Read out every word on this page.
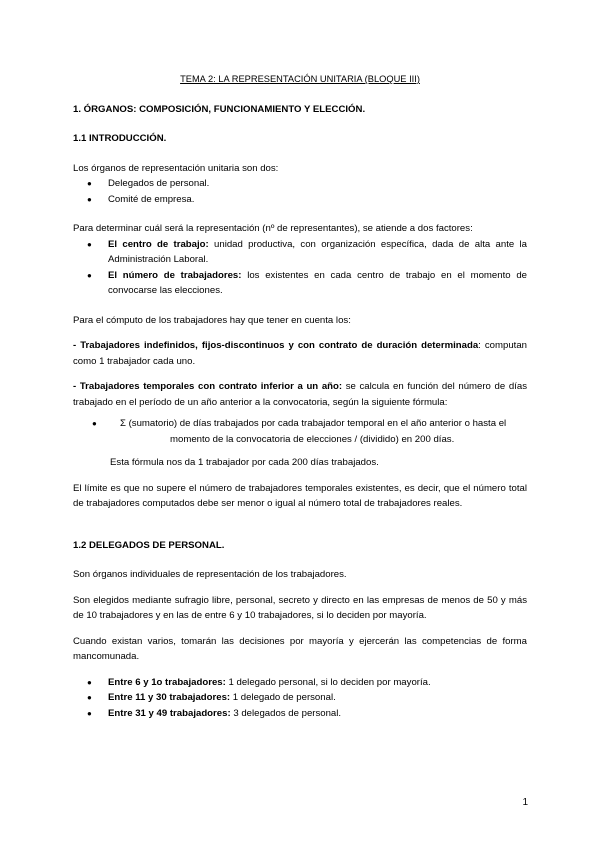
TEMA 2: LA REPRESENTACIÓN UNITARIA (BLOQUE III)

1. ÓRGANOS: COMPOSICIÓN, FUNCIONAMIENTO Y ELECCIÓN.

1.1 INTRODUCCIÓN.

Los órganos de representación unitaria son dos:

● Delegados de personal.
● Comité de empresa.

Para determinar cuál será la representación (nº de representantes), se atiende a dos factores:

● El centro de trabajo: unidad productiva, con organización específica, dada de alta ante la Administración Laboral.
● El número de trabajadores: los existentes en cada centro de trabajo en el momento de convocarse las elecciones.

Para el cómputo de los trabajadores hay que tener en cuenta los:

- Trabajadores indefinidos, fijos-discontinuos y con contrato de duración determinada: computan como 1 trabajador cada uno.

- Trabajadores temporales con contrato inferior a un año: se calcula en función del número de días trabajado en el período de un año anterior a la convocatoria, según la siguiente fórmula:

● Σ (sumatorio) de días trabajados por cada trabajador temporal en el año anterior o hasta el
momento de la convocatoria de elecciones / (dividido) en 200 días.

Esta fórmula nos da 1 trabajador por cada 200 días trabajados.

El límite es que no supere el número de trabajadores temporales existentes, es decir, que el número total de trabajadores computados debe ser menor o igual al número total de trabajadores reales.

1.2 DELEGADOS DE PERSONAL.

Son órganos individuales de representación de los trabajadores.

Son elegidos mediante sufragio libre, personal, secreto y directo en las empresas de menos de 50 y más de 10 trabajadores y en las de entre 6 y 10 trabajadores, si lo deciden por mayoría.

Cuando existan varios, tomarán las decisiones por mayoría y ejercerán las competencias de forma mancomunada.

● Entre 6 y 1o trabajadores: 1 delegado personal, si lo deciden por mayoría.
● Entre 11 y 30 trabajadores: 1 delegado de personal.
● Entre 31 y 49 trabajadores: 3 delegados de personal.
1
